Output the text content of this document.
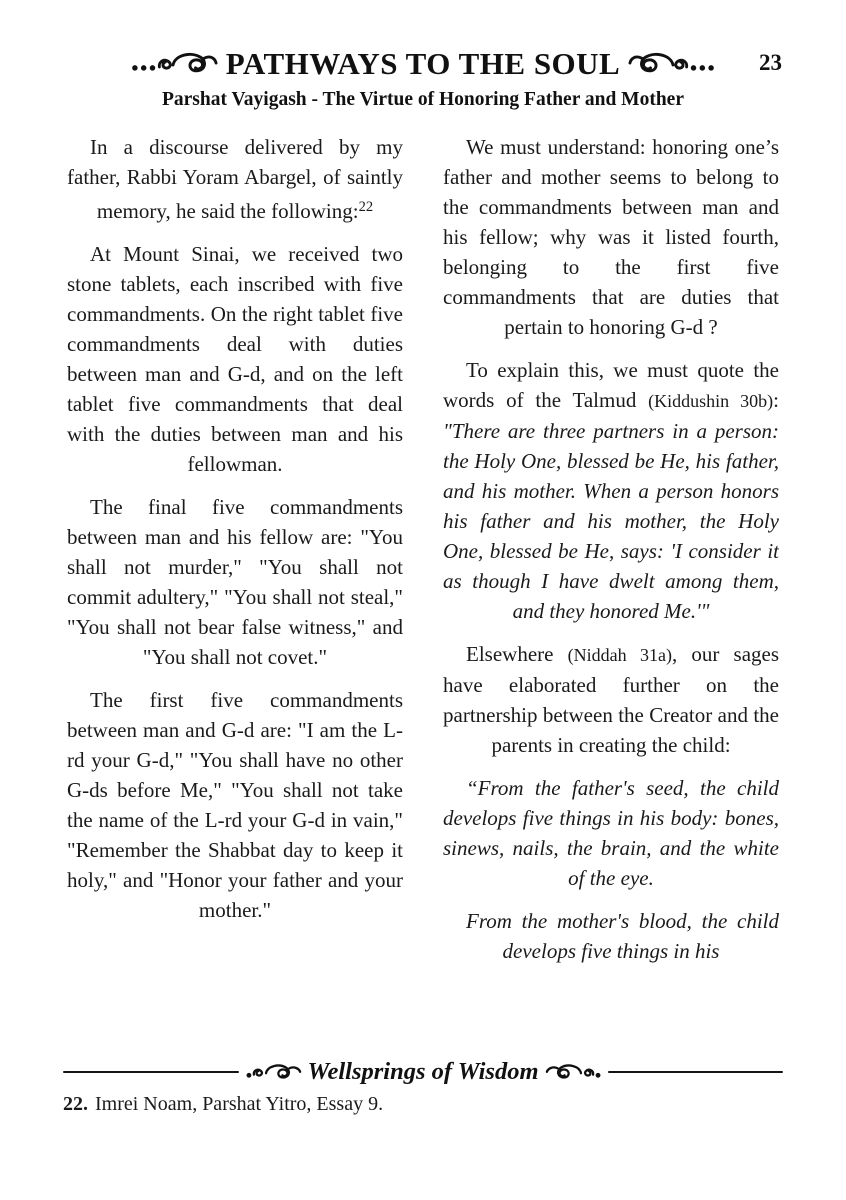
PATHWAYS TO THE SOUL	23
Parshat Vayigash - The Virtue of Honoring Father and Mother

In a discourse delivered by my father, Rabbi Yoram Abargel, of saintly memory, he said the following:$^{22}$

At Mount Sinai, we received two stone tablets, each inscribed with five commandments. On the right tablet five commandments deal with duties between man and G-d, and on the left tablet five commandments that deal with the duties between man and his fellowman.

The final five commandments between man and his fellow are: "You shall not murder," "You shall not commit adultery," "You shall not steal," "You shall not bear false witness," and "You shall not covet."

The first five commandments between man and G-d are: "I am the L-rd your G-d," "You shall have no other G-ds before Me," "You shall not take the name of the L-rd your G-d in vain," "Remember the Shabbat day to keep it holy," and "Honor your father and your mother."

We must understand: honoring one’s father and mother seems to belong to the commandments between man and his fellow; why was it listed fourth, belonging to the first five commandments that are duties that pertain to honoring G-d ?

To explain this, we must quote the words of the Talmud (Kiddushin 30b): "There are three partners in a person: the Holy One, blessed be He, his father, and his mother. When a person honors his father and his mother, the Holy One, blessed be He, says: 'I consider it as though I have dwelt among them, and they honored Me.'"

Elsewhere (Niddah 31a), our sages have elaborated further on the partnership between the Creator and the parents in creating the child:

“From the father's seed, the child develops five things in his body: bones, sinews, nails, the brain, and the white of the eye.

From the mother's blood, the child develops five things in his

Wellsprings of Wisdom
22. Imrei Noam, Parshat Yitro, Essay 9.
